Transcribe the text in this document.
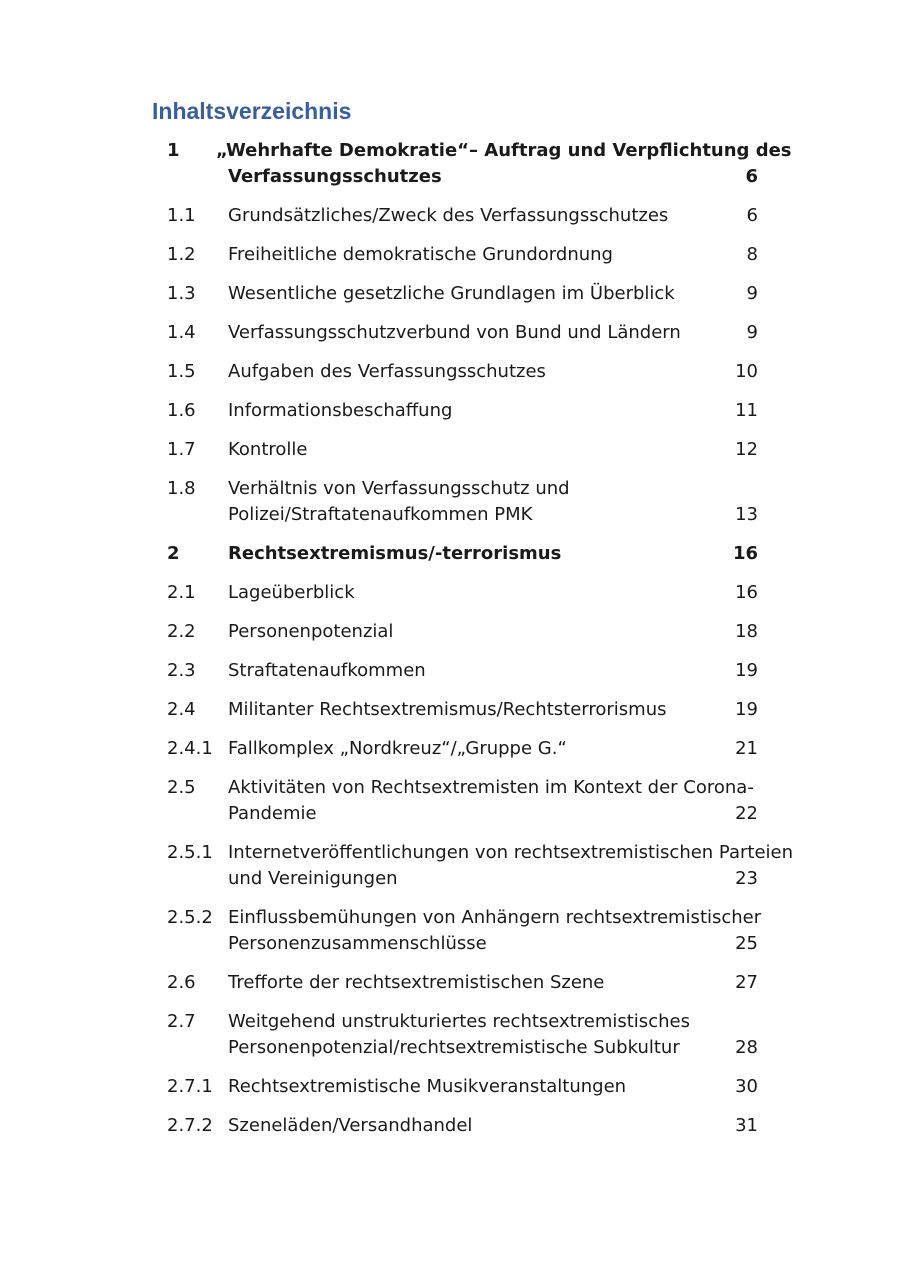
Inhaltsverzeichnis
1 „Wehrhafte Demokratie“– Auftrag und Verpflichtung des
Verfassungsschutzes	6
1.1 Grundsätzliches/Zweck des Verfassungsschutzes	6
1.2 Freiheitliche demokratische Grundordnung	8
1.3 Wesentliche gesetzliche Grundlagen im Überblick	9
1.4 Verfassungsschutzverbund von Bund und Ländern	9
1.5 Aufgaben des Verfassungsschutzes	10
1.6 Informationsbeschaffung	11
1.7 Kontrolle	12
1.8 Verhältnis von Verfassungsschutz und
Polizei/Straftatenaufkommen PMK	13
2	Rechtsextremismus/-terrorismus	16
2.1 Lageüberblick	16
2.2 Personenpotenzial	18
2.3 Straftatenaufkommen	19
2.4 Militanter Rechtsextremismus/Rechtsterrorismus	19
2.4.1 Fallkomplex „Nordkreuz“/„Gruppe G.“	21
2.5 Aktivitäten von Rechtsextremisten im Kontext der Corona-
Pandemie	22
2.5.1 Internetveröffentlichungen von rechtsextremistischen Parteien
und Vereinigungen	23
2.5.2 Einflussbemühungen von Anhängern rechtsextremistischer
Personenzusammenschlüsse	25
2.6 Trefforte der rechtsextremistischen Szene	27
2.7 Weitgehend unstrukturiertes rechtsextremistisches
Personenpotenzial/rechtsextremistische Subkultur	28
2.7.1 Rechtsextremistische Musikveranstaltungen	30
2.7.2 Szeneläden/Versandhandel	31
